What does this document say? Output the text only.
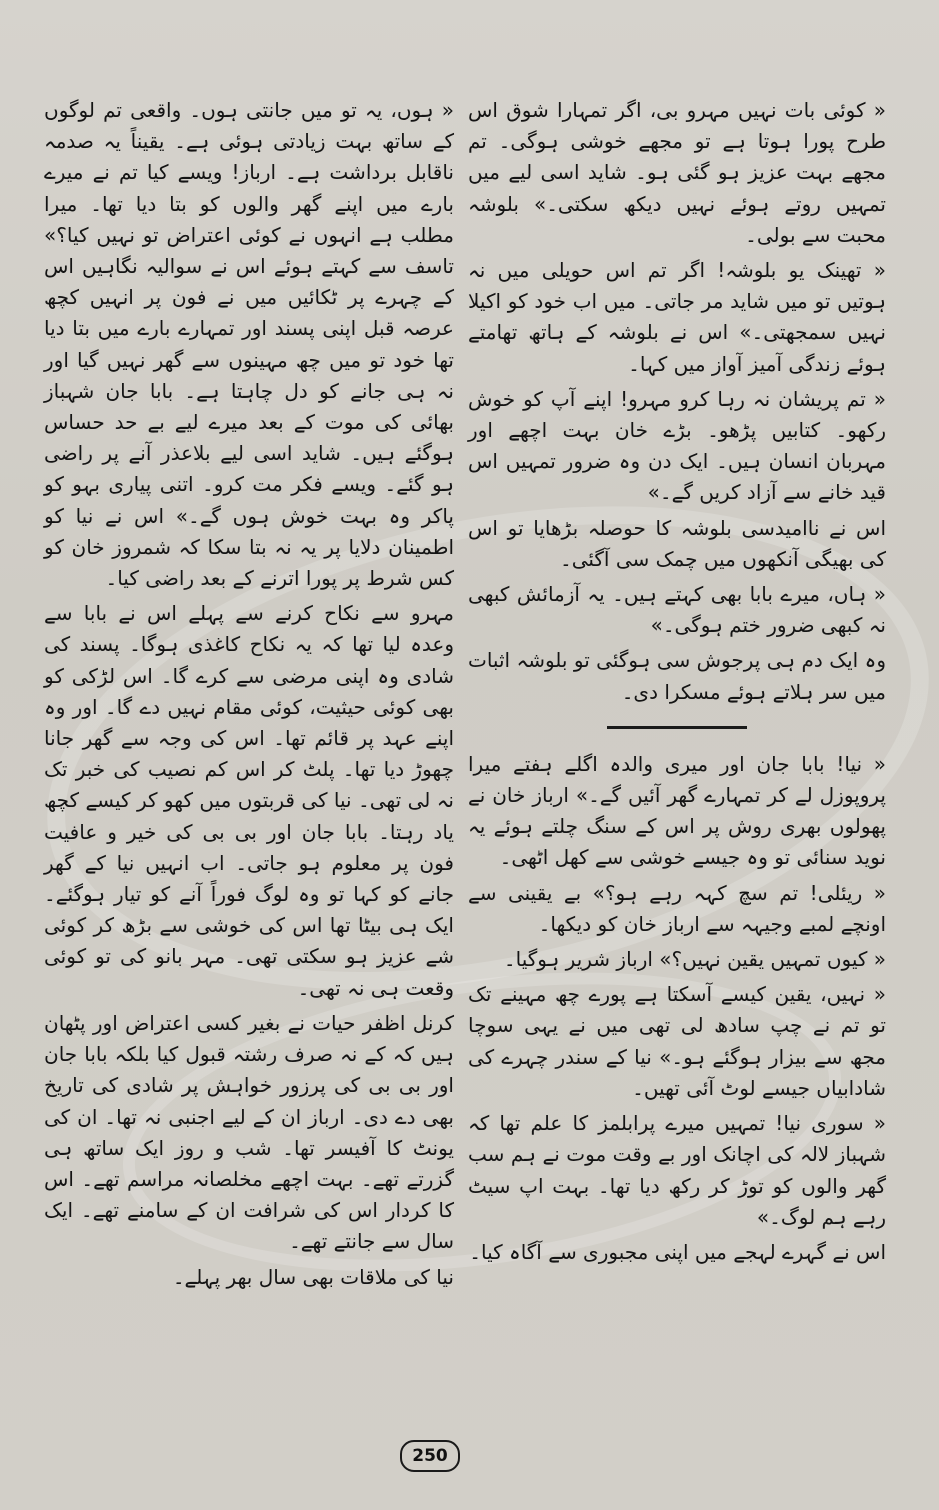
« کوئی بات نہیں مہرو بی، اگر تمہارا شوق اس طرح پورا ہوتا ہے تو مجھے خوشی ہوگی۔ تم مجھے بہت عزیز ہو گئی ہو۔ شاید اسی لیے میں تمہیں روتے ہوئے نہیں دیکھ سکتی۔» بلوشہ محبت سے بولی۔

« تھینک یو بلوشہ! اگر تم اس حویلی میں نہ ہوتیں تو میں شاید مر جاتی۔ میں اب خود کو اکیلا نہیں سمجھتی۔» اس نے بلوشہ کے ہاتھ تھامتے ہوئے زندگی آمیز آواز میں کہا۔

« تم پریشان نہ رہا کرو مہرو! اپنے آپ کو خوش رکھو۔ کتابیں پڑھو۔ بڑے خان بہت اچھے اور مہربان انسان ہیں۔ ایک دن وہ ضرور تمہیں اس قید خانے سے آزاد کریں گے۔»

اس نے ناامیدسی بلوشہ کا حوصلہ بڑھایا تو اس کی بھیگی آنکھوں میں چمک سی آگئی۔

« ہاں، میرے بابا بھی کہتے ہیں۔ یہ آزمائش کبھی نہ کبھی ضرور ختم ہوگی۔»

وہ ایک دم ہی پرجوش سی ہوگئی تو بلوشہ اثبات میں سر ہلاتے ہوئے مسکرا دی۔

« نیا! بابا جان اور میری والدہ اگلے ہفتے میرا پروپوزل لے کر تمہارے گھر آئیں گے۔» ارباز خان نے پھولوں بھری روش پر اس کے سنگ چلتے ہوئے یہ نوید سنائی تو وہ جیسے خوشی سے کھل اٹھی۔

« ریئلی! تم سچ کہہ رہے ہو؟» بے یقینی سے اونچے لمبے وجیہہ سے ارباز خان کو دیکھا۔

« کیوں تمہیں یقین نہیں؟» ارباز شریر ہوگیا۔

« نہیں، یقین کیسے آسکتا ہے پورے چھ مہینے تک تو تم نے چپ سادھ لی تھی میں نے یہی سوچا مجھ سے بیزار ہوگئے ہو۔» نیا کے سندر چہرے کی شادابیاں جیسے لوٹ آئی تھیں۔

« سوری نیا! تمہیں میرے پرابلمز کا علم تھا کہ شہباز لالہ کی اچانک اور بے وقت موت نے ہم سب گھر والوں کو توڑ کر رکھ دیا تھا۔ بہت اپ سیٹ رہے ہم لوگ۔»

اس نے گہرے لہجے میں اپنی مجبوری سے آگاہ کیا۔

« ہوں، یہ تو میں جانتی ہوں۔ واقعی تم لوگوں کے ساتھ بہت زیادتی ہوئی ہے۔ یقیناً یہ صدمہ ناقابل برداشت ہے۔ ارباز! ویسے کیا تم نے میرے بارے میں اپنے گھر والوں کو بتا دیا تھا۔ میرا مطلب ہے انہوں نے کوئی اعتراض تو نہیں کیا؟» تاسف سے کہتے ہوئے اس نے سوالیہ نگاہیں اس کے چہرے پر ٹکائیں میں نے فون پر انہیں کچھ عرصہ قبل اپنی پسند اور تمہارے بارے میں بتا دیا تھا خود تو میں چھ مہینوں سے گھر نہیں گیا اور نہ ہی جانے کو دل چاہتا ہے۔ بابا جان شہباز بھائی کی موت کے بعد میرے لیے بے حد حساس ہوگئے ہیں۔ شاید اسی لیے بلاعذر آنے پر راضی ہو گئے۔ ویسے فکر مت کرو۔ اتنی پیاری بہو کو پاکر وہ بہت خوش ہوں گے۔» اس نے نیا کو اطمینان دلایا پر یہ نہ بتا سکا کہ شمروز خان کو کس شرط پر پورا اترنے کے بعد راضی کیا۔

مہرو سے نکاح کرنے سے پہلے اس نے بابا سے وعدہ لیا تھا کہ یہ نکاح کاغذی ہوگا۔ پسند کی شادی وہ اپنی مرضی سے کرے گا۔ اس لڑکی کو بھی کوئی حیثیت، کوئی مقام نہیں دے گا۔ اور وہ اپنے عہد پر قائم تھا۔ اس کی وجہ سے گھر جانا چھوڑ دیا تھا۔ پلٹ کر اس کم نصیب کی خبر تک نہ لی تھی۔ نیا کی قربتوں میں کھو کر کیسے کچھ یاد رہتا۔ بابا جان اور بی بی کی خیر و عافیت فون پر معلوم ہو جاتی۔ اب انہیں نیا کے گھر جانے کو کہا تو وہ لوگ فوراً آنے کو تیار ہوگئے۔ ایک ہی بیٹا تھا اس کی خوشی سے بڑھ کر کوئی شے عزیز ہو سکتی تھی۔ مہر بانو کی تو کوئی وقعت ہی نہ تھی۔

کرنل اظفر حیات نے بغیر کسی اعتراض اور پٹھان ہیں کہ کے نہ صرف رشتہ قبول کیا بلکہ بابا جان اور بی بی کی پرزور خواہش پر شادی کی تاریخ بھی دے دی۔ ارباز ان کے لیے اجنبی نہ تھا۔ ان کی یونٹ کا آفیسر تھا۔ شب و روز ایک ساتھ ہی گزرتے تھے۔ بہت اچھے مخلصانہ مراسم تھے۔ اس کا کردار اس کی شرافت ان کے سامنے تھے۔ ایک سال سے جانتے تھے۔

نیا کی ملاقات بھی سال بھر پہلے۔

250
